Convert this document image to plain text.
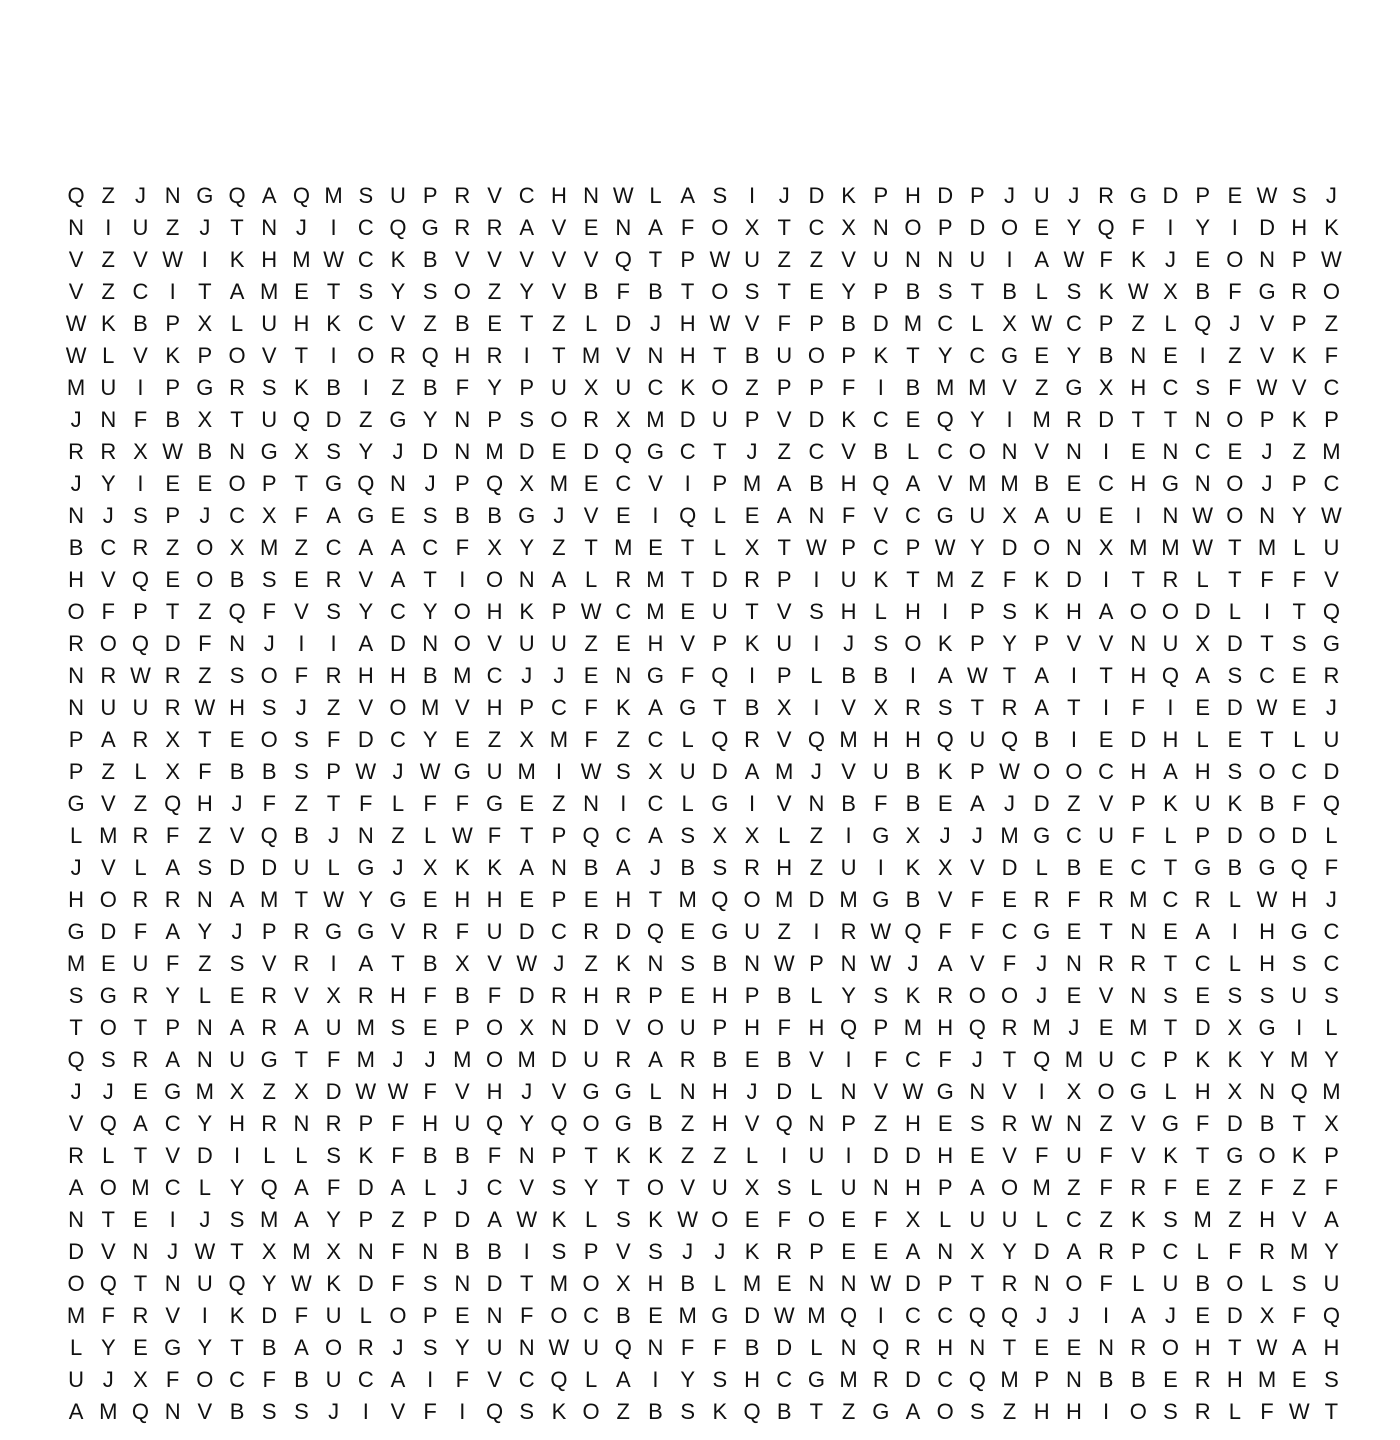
Q Z J N G Q A Q M S U P R V C H N W L A S I	J D K P H D P J U J R G D P E W S J
N I U Z J T N J	I C Q G R R A V E N A F O X T C X N O P D O E Y Q F	I Y I D H K
V Z V W I K H M W C K B V V V V V Q T P W U Z Z V U N N U I A W F K J E O N P W
V Z C I	T A M E T S Y S O Z Y V B F B T O S T E Y P B S T B L S K W X B F G R O
W K B P X L U H K C V Z B E T Z L D J H W V F P B D M C L X W C P Z L Q J V P Z
W L V K P O V T	I O R Q H R I	T M V N H T B U O P K T Y C G E Y B N E I	Z V K F
M U I P G R S K B I	Z B F Y P U X U C K O Z P P F	I B M M V Z G X H C S F W V C
J N F B X T U Q D Z G Y N P S O R X M D U P V D K C E Q Y I M R D T T N O P K P
R R X W B N G X S Y J D N M D E D Q G C T J Z C V B L C O N V N I E N C E J Z M
J Y I E E O P T G Q N J P Q X M E C V I P M A B H Q A V M M B E C H G N O J P C
N J S P J C X F A G E S B B G J V E I Q L E A N F V C G U X A U E I N W O N Y W
B C R Z O X M Z C A A C F X Y Z T M E T L X T W P C P W Y D O N X M M W T M L U
H V Q E O B S E R V A T	I O N A L R M T D R P I U K T M Z F K D I	T R L T F F V
O F P T Z Q F V S Y C Y O H K P W C M E U T V S H L H I P S K H A O O D L	I	T Q
R O Q D F N J	I	I A D N O V U U Z E H V P K U I	J S O K P Y P V V N U X D T S G
N R W R Z S O F R H H B M C J J E N G F Q I P L B B I A W T A I	T H Q A S C E R
N U U R W H S J Z V O M V H P C F K A G T B X I V X R S T R A T	I	F	I E D W E J
P A R X T E O S F D C Y E Z X M F Z C L Q R V Q M H H Q U Q B I E D H L E T L U
P Z L X F B B S P W J W G U M I W S X U D A M J V U B K P W O O C H A H S O C D
G V Z Q H J F Z T F L F F G E Z N I C L G I V N B F B E A J D Z V P K U K B F Q
L M R F Z V Q B J N Z L W F T P Q C A S X X L Z	I G X J J M G C U F L P D O D L
J V L A S D D U L G J X K K A N B A J B S R H Z U I K X V D L B E C T G B G Q F
H O R R N A M T W Y G E H H E P E H T M Q O M D M G B V F E R F R M C R L W H J
G D F A Y J P R G G V R F U D C R D Q E G U Z	I R W Q F F C G E T N E A I H G C
M E U F Z S V R I A T B X V W J Z K N S B N W P N W J A V F J N R R T C L H S C
S G R Y L E R V X R H F B F D R H R P E H P B L Y S K R O O J E V N S E S S U S
T O T P N A R A U M S E P O X N D V O U P H F H Q P M H Q R M J E M T D X G I	L
Q S R A N U G T F M J J M O M D U R A R B E B V I	F C F J T Q M U C P K K Y M Y
J J E G M X Z X D W W F V H J V G G L N H J D L N V W G N V I X O G L H X N Q M
V Q A C Y H R N R P F H U Q Y Q O G B Z H V Q N P Z H E S R W N Z V G F D B T X
R L T V D I	L L S K F B B F N P T K K Z Z L	I U I D D H E V F U F V K T G O K P
A O M C L Y Q A F D A L J C V S Y T O V U X S L U N H P A O M Z F R F E Z F Z F
N T E I	J S M A Y P Z P D A W K L S K W O E F O E F X L U U L C Z K S M Z H V A
D V N J W T X M X N F N B B I S P V S J J K R P E E A N X Y D A R P C L F R M Y
O Q T N U Q Y W K D F S N D T M O X H B L M E N N W D P T R N O F L U B O L S U
M F R V I K D F U L O P E N F O C B E M G D W M Q I C C Q Q J J	I A J E D X F Q
L Y E G Y T B A O R J S Y U N W U Q N F F B D L N Q R H N T E E N R O H T W A H
U J X F O C F B U C A I	F V C Q L A I Y S H C G M R D C Q M P N B B E R H M E S
A M Q N V B S S J	I V F	I Q S K O Z B S K Q B T Z G A O S Z H H I O S R L F W T
